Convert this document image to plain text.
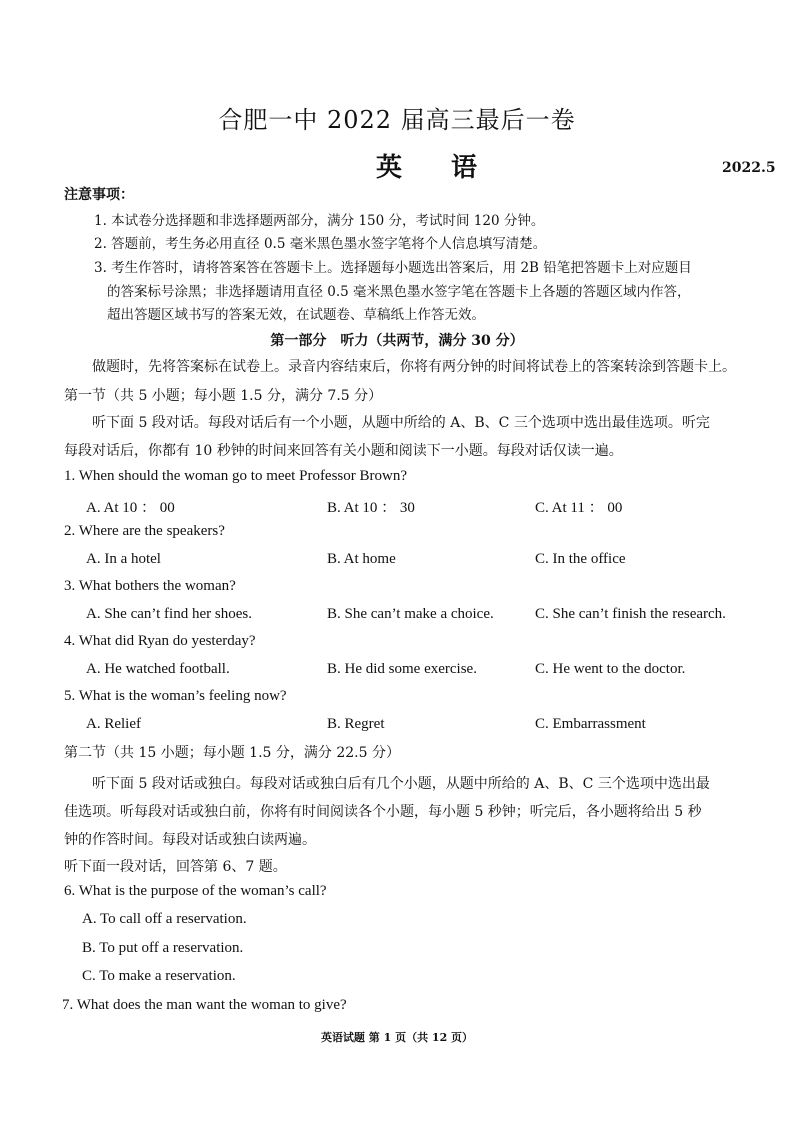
合肥一中 2022 届高三最后一卷
英 语	2022.5
注意事项：
1. 本试卷分选择题和非选择题两部分，满分 150 分，考试时间 120 分钟。
2. 答题前，考生务必用直径 0.5 毫米黑色墨水签字笔将个人信息填写清楚。
3. 考生作答时，请将答案答在答题卡上。选择题每小题选出答案后，用 2B 铅笔把答题卡上对应题目
的答案标号涂黑；非选择题请用直径 0.5 毫米黑色墨水签字笔在答题卡上各题的答题区域内作答，
超出答题区域书写的答案无效，在试题卷、草稿纸上作答无效。
第一部分　听力（共两节，满分 30 分）
做题时，先将答案标在试卷上。录音内容结束后，你将有两分钟的时间将试卷上的答案转涂到答题卡上。
第一节（共 5 小题；每小题 1.5 分，满分 7.5 分）
听下面 5 段对话。每段对话后有一个小题，从题中所给的 A、B、C 三个选项中选出最佳选项。听完
每段对话后，你都有 10 秒钟的时间来回答有关小题和阅读下一小题。每段对话仅读一遍。
1. When should the woman go to meet Professor Brown?
A. At 10 ： 00	B. At 10 ： 30	C. At 11 ： 00
2. Where are the speakers?
A. In a hotel	B. At home	C. In the office
3. What bothers the woman?
A. She can’t find her shoes.	B. She can’t make a choice.	C. She can’t finish the research.
4. What did Ryan do yesterday?
A. He watched football.	B. He did some exercise.	C. He went to the doctor.
5. What is the woman’s feeling now?
A. Relief	B. Regret	C. Embarrassment
第二节（共 15 小题；每小题 1.5 分，满分 22.5 分）
听下面 5 段对话或独白。每段对话或独白后有几个小题，从题中所给的 A、B、C 三个选项中选出最
佳选项。听每段对话或独白前，你将有时间阅读各个小题，每小题 5 秒钟；听完后，各小题将给出 5 秒
钟的作答时间。每段对话或独白读两遍。
听下面一段对话，回答第 6、7 题。
6. What is the purpose of the woman’s call?
A. To call off a reservation.
B. To put off a reservation.
C. To make a reservation.
7. What does the man want the woman to give?
英语试题 第 1 页（共 12 页）
